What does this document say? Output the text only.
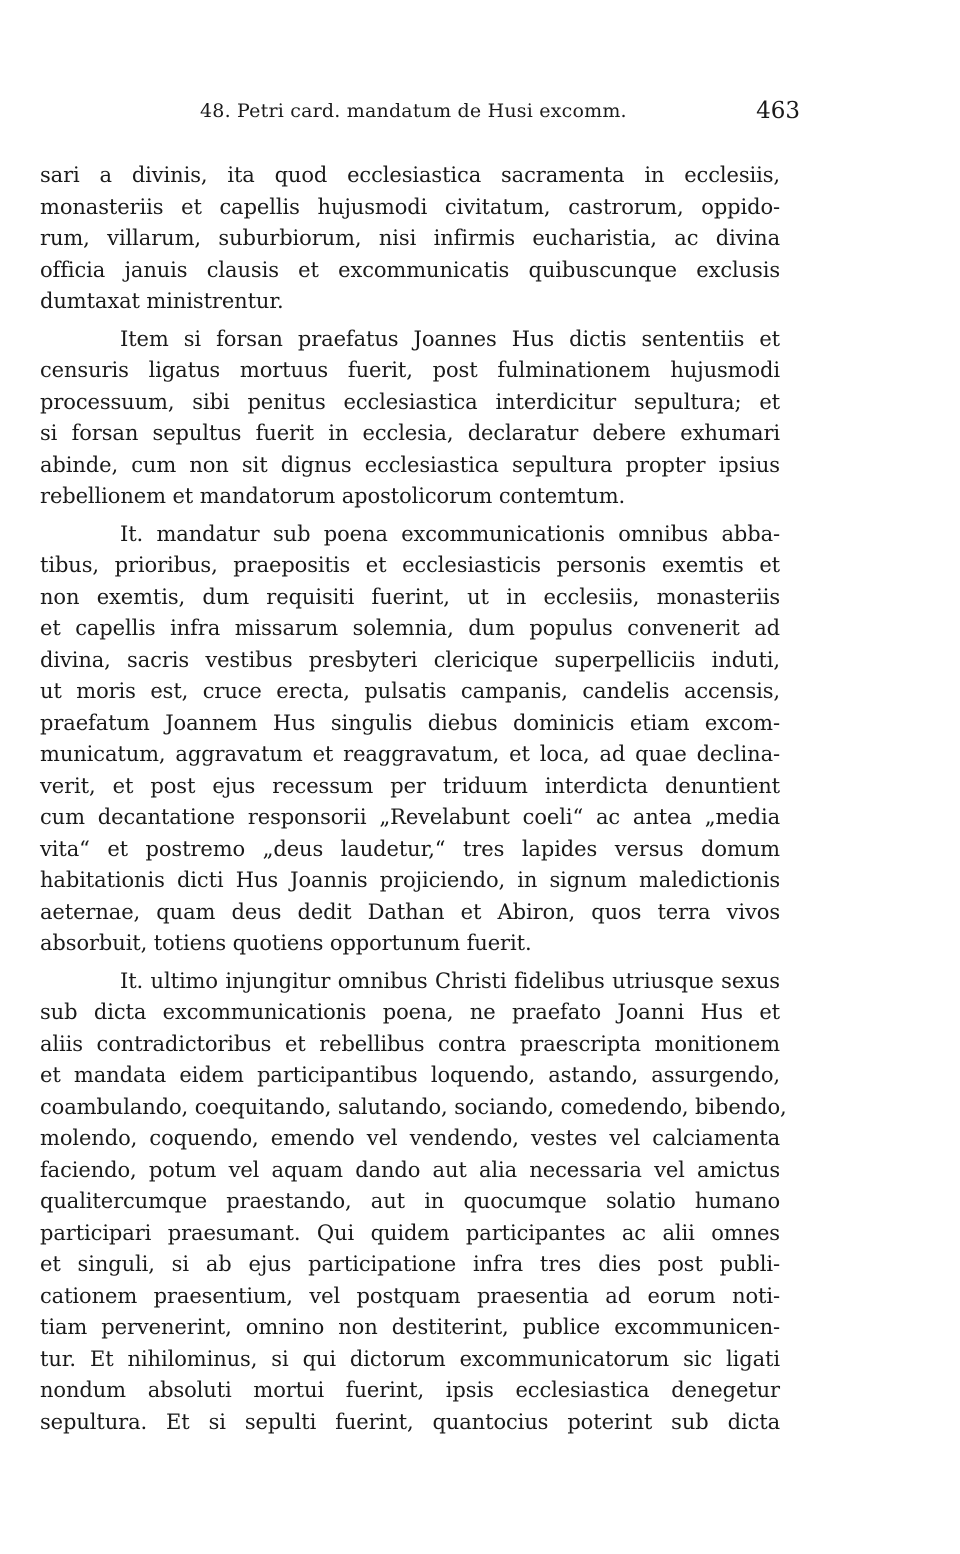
48. Petri card. mandatum de Husi excomm.	463
sari a divinis, ita quod ecclesiastica sacramenta in ecclesiis,
monasteriis et capellis hujusmodi civitatum, castrorum, oppido-
rum, villarum, suburbiorum, nisi infirmis eucharistia, ac divina
officia januis clausis et excommunicatis quibuscunque exclusis
dumtaxat ministrentur.
Item si forsan praefatus Joannes Hus dictis sententiis et
censuris ligatus mortuus fuerit, post fulminationem hujusmodi
processuum, sibi penitus ecclesiastica interdicitur sepultura; et
si forsan sepultus fuerit in ecclesia, declaratur debere exhumari
abinde, cum non sit dignus ecclesiastica sepultura propter ipsius
rebellionem et mandatorum apostolicorum contemtum.
It. mandatur sub poena excommunicationis omnibus abba-
tibus, prioribus, praepositis et ecclesiasticis personis exemtis et
non exemtis, dum requisiti fuerint, ut in ecclesiis, monasteriis
et capellis infra missarum solemnia, dum populus convenerit ad
divina, sacris vestibus presbyteri clericique superpelliciis induti,
ut moris est, cruce erecta, pulsatis campanis, candelis accensis,
praefatum Joannem Hus singulis diebus dominicis etiam excom-
municatum, aggravatum et reaggravatum, et loca, ad quae declina-
verit, et post ejus recessum per triduum interdicta denuntient
cum decantatione responsorii „Revelabunt coeli“ ac antea „media
vita“ et postremo „deus laudetur,“ tres lapides versus domum
habitationis dicti Hus Joannis projiciendo, in signum maledictionis
aeternae, quam deus dedit Dathan et Abiron, quos terra vivos
absorbuit, totiens quotiens opportunum fuerit.
It. ultimo injungitur omnibus Christi fidelibus utriusque sexus
sub dicta excommunicationis poena, ne praefato Joanni Hus et
aliis contradictoribus et rebellibus contra praescripta monitionem
et mandata eidem participantibus loquendo, astando, assurgendo,
coambulando, coequitando, salutando, sociando, comedendo, bibendo,
molendo, coquendo, emendo vel vendendo, vestes vel calciamenta
faciendo, potum vel aquam dando aut alia necessaria vel amictus
qualitercumque praestando, aut in quocumque solatio humano
participari praesumant. Qui quidem participantes ac alii omnes
et singuli, si ab ejus participatione infra tres dies post publi-
cationem praesentium, vel postquam praesentia ad eorum noti-
tiam pervenerint, omnino non destiterint, publice excommunicen-
tur. Et nihilominus, si qui dictorum excommunicatorum sic ligati
nondum absoluti mortui fuerint, ipsis ecclesiastica denegetur
sepultura. Et si sepulti fuerint, quantocius poterint sub dicta
